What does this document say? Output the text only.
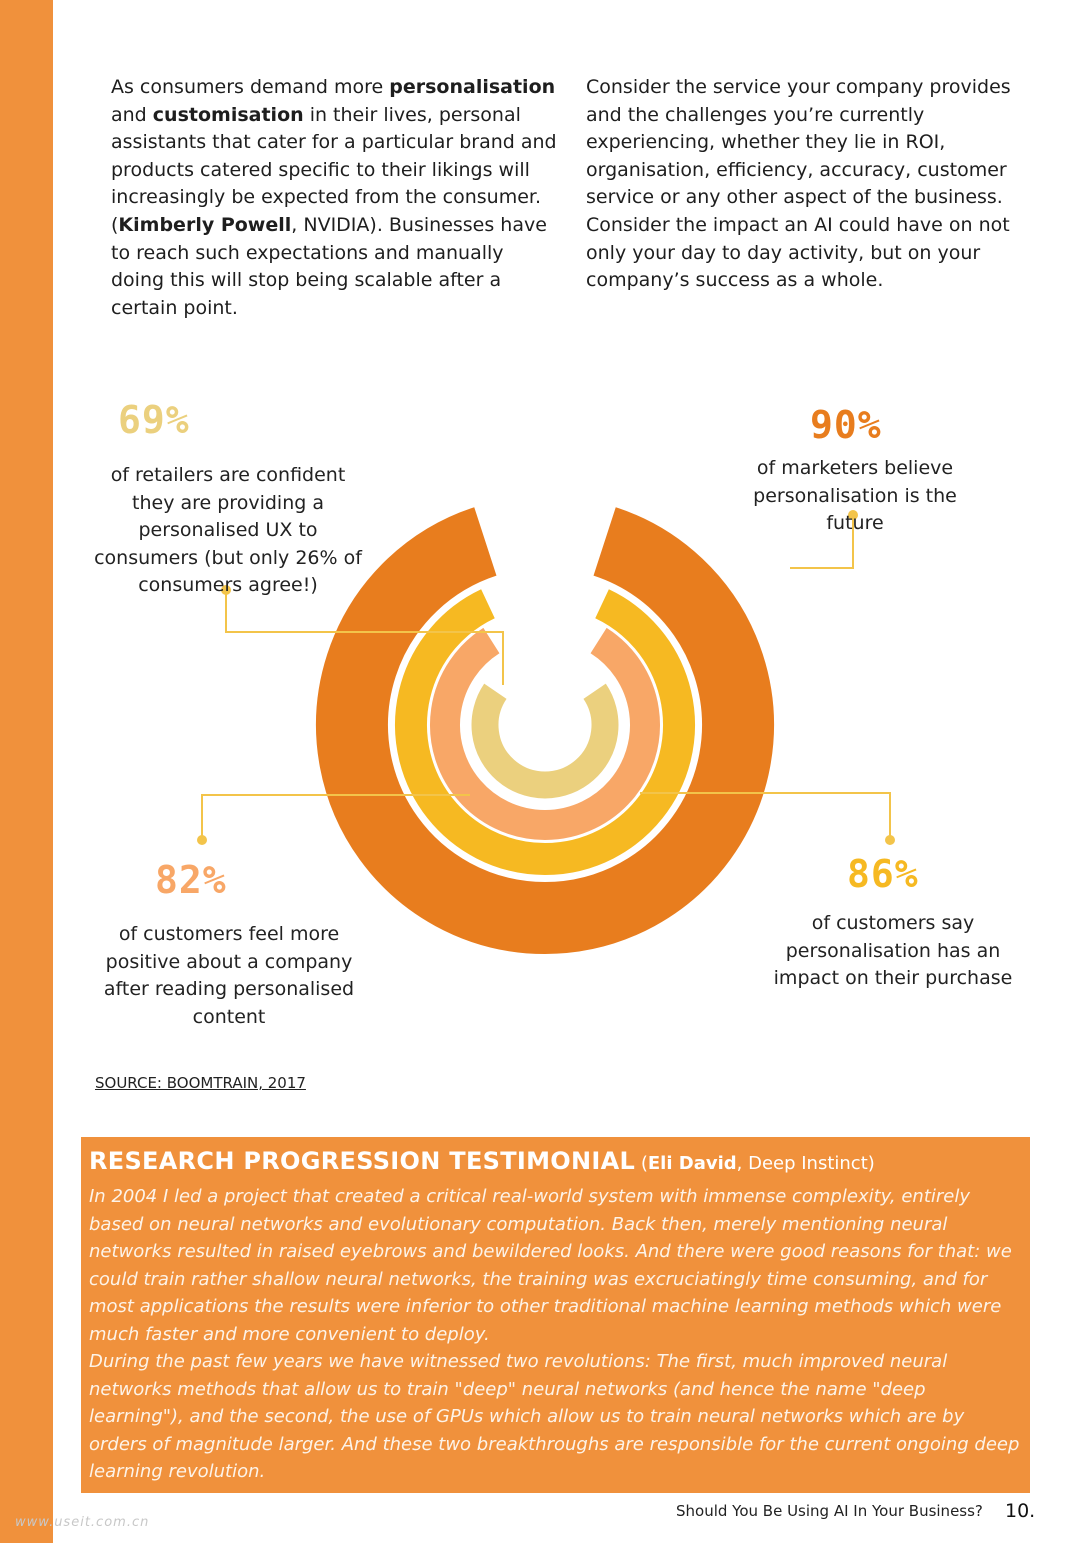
As consumers demand more personalisation and customisation in their lives, personal assistants that cater for a particular brand and products catered specific to their likings will increasingly be expected from the consumer. (Kimberly Powell, NVIDIA). Businesses have to reach such expectations and manually doing this will stop being scalable after a certain point.
Consider the service your company provides and the challenges you’re currently experiencing, whether they lie in ROI, organisation, efficiency, accuracy, customer service or any other aspect of the business. Consider the impact an AI could have on not only your day to day activity, but on your company’s success as a whole.
69%
of retailers are confident they are providing a personalised UX to consumers (but only 26% of consumers agree!)
90%
of marketers believe personalisation is the future
82%
of customers feel more positive about a company after reading personalised content
86%
of customers say personalisation has an impact on their purchase
SOURCE: BOOMTRAIN, 2017
RESEARCH PROGRESSION TESTIMONIAL (Eli David, Deep Instinct)

In 2004 I led a project that created a critical real-world system with immense complexity, entirely based on neural networks and evolutionary computation. Back then, merely mentioning neural networks resulted in raised eyebrows and bewildered looks. And there were good reasons for that: we could train rather shallow neural networks, the training was excruciatingly time consuming, and for most applications the results were inferior to other traditional machine learning methods which were much faster and more convenient to deploy.

During the past few years we have witnessed two revolutions: The first, much improved neural networks methods that allow us to train "deep" neural networks (and hence the name "deep learning"), and the second, the use of GPUs which allow us to train neural networks which are by orders of magnitude larger. And these two breakthroughs are responsible for the current ongoing deep learning revolution.

Should You Be Using AI In Your Business? 10.
www.useit.com.cn
